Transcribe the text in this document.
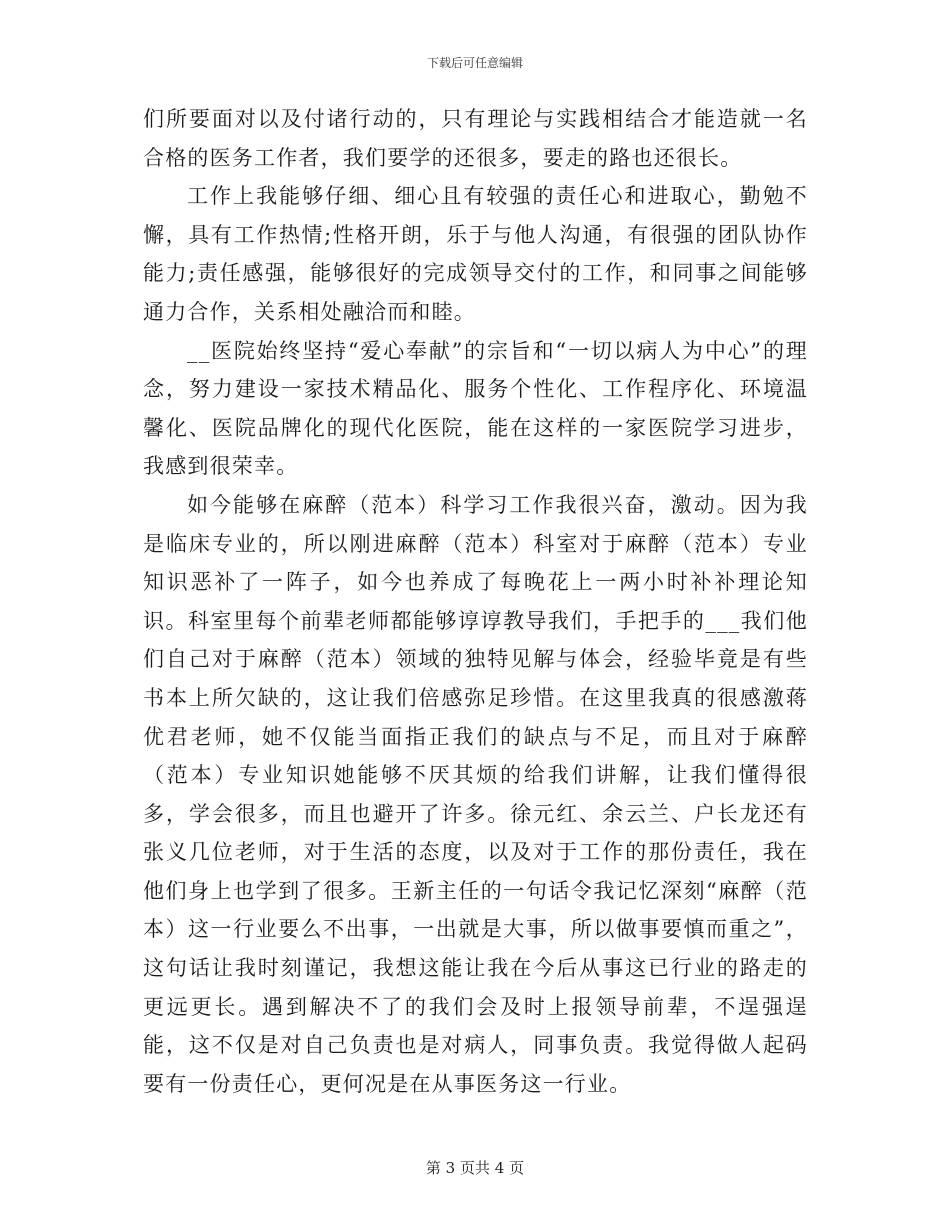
下载后可任意编辑

们所要面对以及付诸行动的，只有理论与实践相结合才能造就一名合格的医务工作者，我们要学的还很多，要走的路也还很长。

工作上我能够仔细、细心且有较强的责任心和进取心，勤勉不懈，具有工作热情;性格开朗，乐于与他人沟通，有很强的团队协作能力;责任感强，能够很好的完成领导交付的工作，和同事之间能够通力合作，关系相处融洽而和睦。

__医院始终坚持“爱心奉献”的宗旨和“一切以病人为中心”的理念，努力建设一家技术精品化、服务个性化、工作程序化、环境温馨化、医院品牌化的现代化医院，能在这样的一家医院学习进步，我感到很荣幸。

如今能够在麻醉（范本）科学习工作我很兴奋，激动。因为我是临床专业的，所以刚进麻醉（范本）科室对于麻醉（范本）专业知识恶补了一阵子，如今也养成了每晚花上一两小时补补理论知识。科室里每个前辈老师都能够谆谆教导我们，手把手的___我们他们自己对于麻醉（范本）领域的独特见解与体会，经验毕竟是有些书本上所欠缺的，这让我们倍感弥足珍惜。在这里我真的很感激蒋优君老师，她不仅能当面指正我们的缺点与不足，而且对于麻醉（范本）专业知识她能够不厌其烦的给我们讲解，让我们懂得很多，学会很多，而且也避开了许多。徐元红、余云兰、户长龙还有张义几位老师，对于生活的态度，以及对于工作的那份责任，我在他们身上也学到了很多。王新主任的一句话令我记忆深刻“麻醉（范本）这一行业要么不出事，一出就是大事，所以做事要慎而重之”，这句话让我时刻谨记，我想这能让我在今后从事这已行业的路走的更远更长。遇到解决不了的我们会及时上报领导前辈，不逞强逞能，这不仅是对自己负责也是对病人，同事负责。我觉得做人起码要有一份责任心，更何况是在从事医务这一行业。

第 3 页共 4 页
